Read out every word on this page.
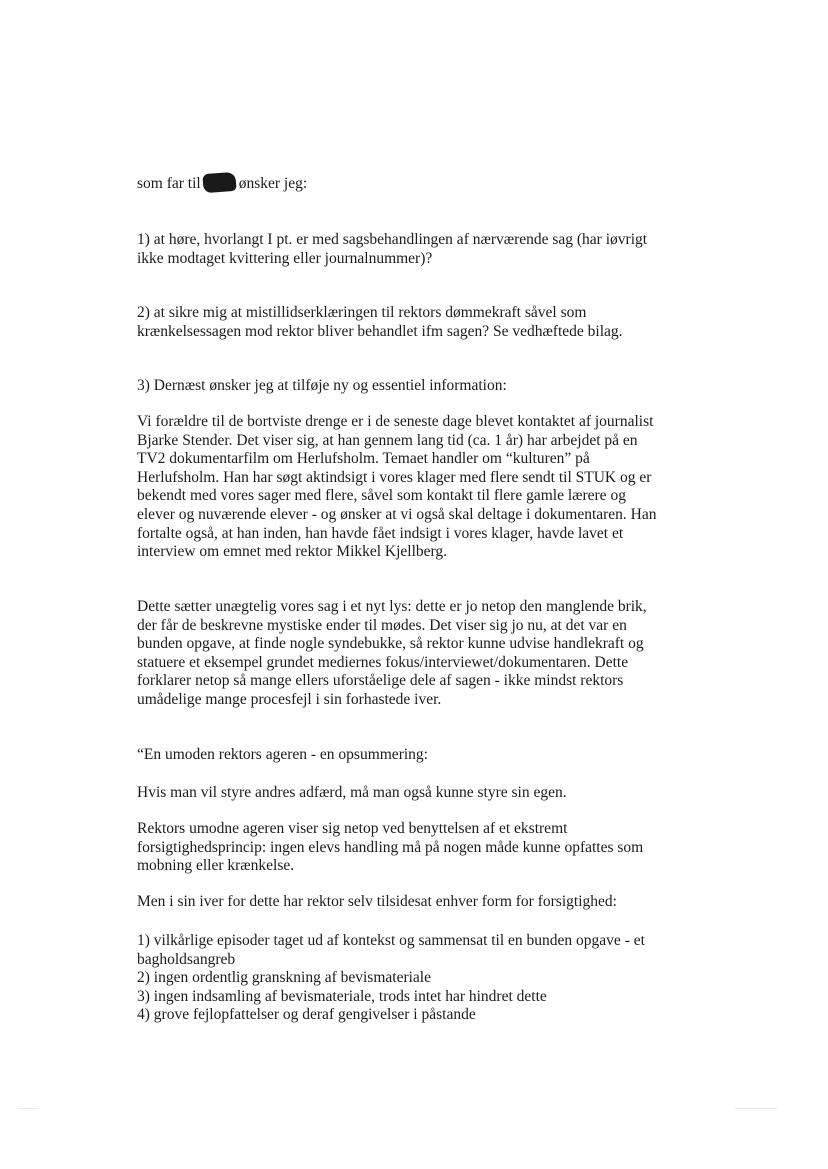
som far til ønsker jeg:

1) at høre, hvorlangt I pt. er med sagsbehandlingen af nærværende sag (har iøvrigt
ikke modtaget kvittering eller journalnummer)?

2) at sikre mig at mistillidserklæringen til rektors dømmekraft såvel som
krænkelsessagen mod rektor bliver behandlet ifm sagen? Se vedhæftede bilag.

3) Dernæst ønsker jeg at tilføje ny og essentiel information:

Vi forældre til de bortviste drenge er i de seneste dage blevet kontaktet af journalist
Bjarke Stender. Det viser sig, at han gennem lang tid (ca. 1 år) har arbejdet på en
TV2 dokumentarfilm om Herlufsholm. Temaet handler om “kulturen” på
Herlufsholm. Han har søgt aktindsigt i vores klager med flere sendt til STUK og er
bekendt med vores sager med flere, såvel som kontakt til flere gamle lærere og
elever og nuværende elever - og ønsker at vi også skal deltage i dokumentaren. Han
fortalte også, at han inden, han havde fået indsigt i vores klager, havde lavet et
interview om emnet med rektor Mikkel Kjellberg.

Dette sætter unægtelig vores sag i et nyt lys: dette er jo netop den manglende brik,
der får de beskrevne mystiske ender til mødes. Det viser sig jo nu, at det var en
bunden opgave, at finde nogle syndebukke, så rektor kunne udvise handlekraft og
statuere et eksempel grundet mediernes fokus/interviewet/dokumentaren. Dette
forklarer netop så mange ellers uforståelige dele af sagen - ikke mindst rektors
umådelige mange procesfejl i sin forhastede iver.

“En umoden rektors ageren - en opsummering:

Hvis man vil styre andres adfærd, må man også kunne styre sin egen.

Rektors umodne ageren viser sig netop ved benyttelsen af et ekstremt
forsigtighedsprincip: ingen elevs handling må på nogen måde kunne opfattes som
mobning eller krænkelse.

Men i sin iver for dette har rektor selv tilsidesat enhver form for forsigtighed:

1) vilkårlige episoder taget ud af kontekst og sammensat til en bunden opgave - et
bagholdsangreb
2) ingen ordentlig granskning af bevismateriale
3) ingen indsamling af bevismateriale, trods intet har hindret dette
4) grove fejlopfattelser og deraf gengivelser i påstande
